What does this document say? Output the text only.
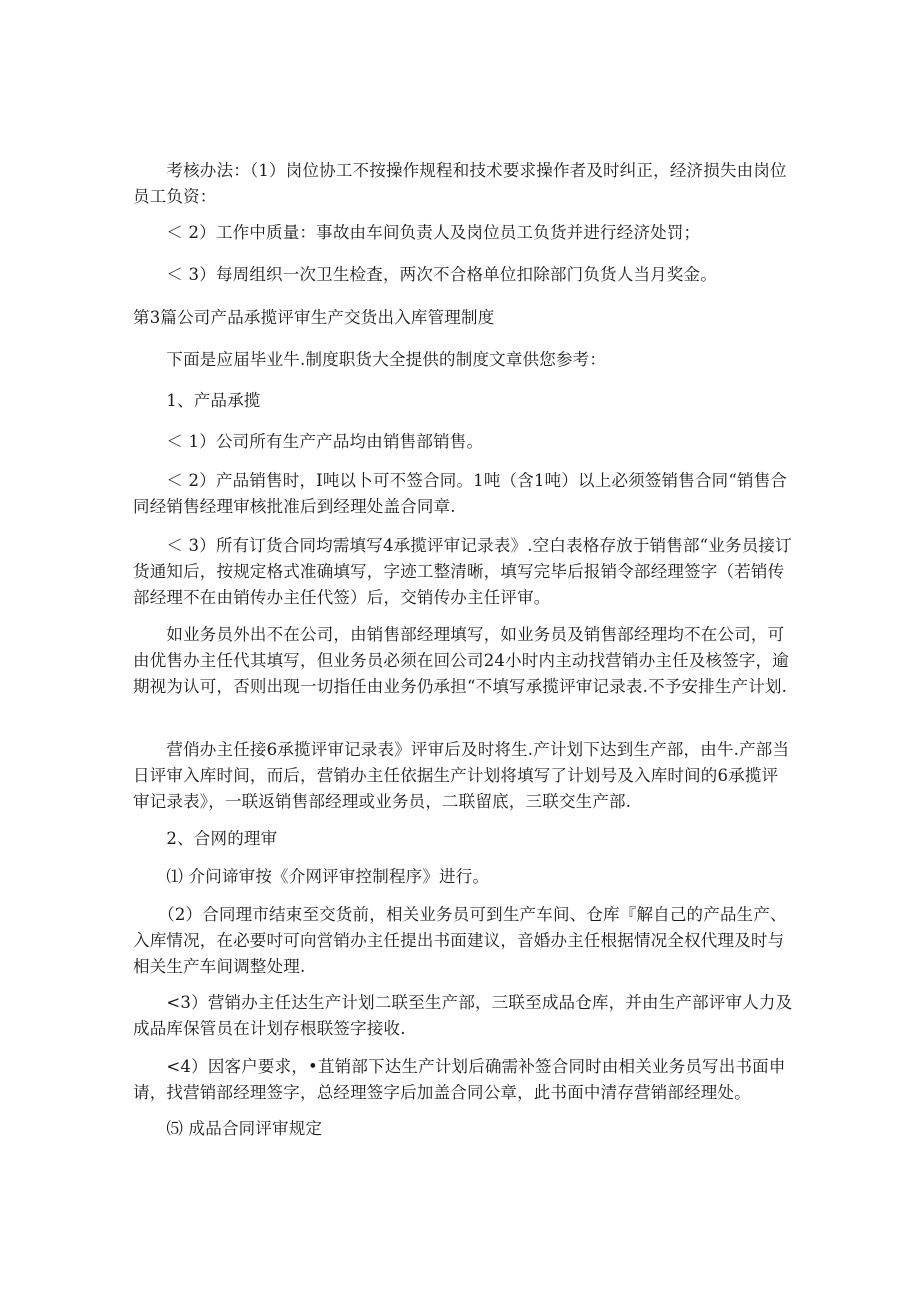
　　考核办法：（1）岗位协工不按操作规程和技术要求操作者及时纠正，经济损失由岗位员工负资：

　　＜ 2）工作中质量：事故由车间负责人及岗位员工负货并进行经济处罚；

　　＜ 3）每周组织一次卫生检査，两次不合格单位扣除部门负货人当月奖金。

第3篇公司产品承揽评审生产交货出入库管理制度

　　下面是应届毕业牛.制度职货大全提供的制度文章供您参考：

　　1、产品承揽

　　＜ 1）公司所有生产产品均由销售部销售。

　　＜ 2）产品销售时，I吨以卜可不签合同。1吨（含1吨）以上必须签销售合同“销售合同经销售经理审核批准后到经理处盖合同章.

　　＜ 3）所有订货合同均需填写4承揽评审记录表》.空白表格存放于销售部“业务员接订货通知后，按规定格式准确填写，字迹工整清晰，填写完毕后报销令部经理签字（若销传部经理不在由销传办主任代签）后，交销传办主任评审。

　　如业务员外出不在公司，由销售部经理填写，如业务员及销售部经理均不在公司，可由优售办主任代其填写，但业务员必须在回公司24小时内主动找营销办主任及核签字，逾期视为认可，否则出现一切指任由业务仍承担“不填写承揽评审记录表.不予安排生产计划.

　　营俏办主任接6承揽评审记录表》评审后及时将生.产计划下达到生产部，由牛.产部当日评审入库时间，而后，营销办主任依据生产计划将填写了计划号及入库时间的6承揽评审记录表》，一联返销售部经理或业务员，二联留底，三联交生产部.

　　2、合网的理审

　　⑴ 介问谛审按《介网评审控制程序》进行。

　　（2）合同理市结束至交货前，相关业务员可到生产车间、仓库『解自己的产品生产、入库情况，在必要吋可向営销办主任提出书面建议，音婚办主任根据情况全权代理及时与相关生产车间调整处理.

　　<3）营销办主任达生产计划二联至生产部，三联至成品仓库，并由生产部评审人力及成品库保管员在计划存根联签字接收.

　　<4）因客户要求，•苴销部下达生产计划后确需补签合同时由相关业务员写出书面申请，找营销部经理签字，总经理签字后加盖合同公章，此书面中清存营销部经理处。

　　⑸ 成品合同评审规定
